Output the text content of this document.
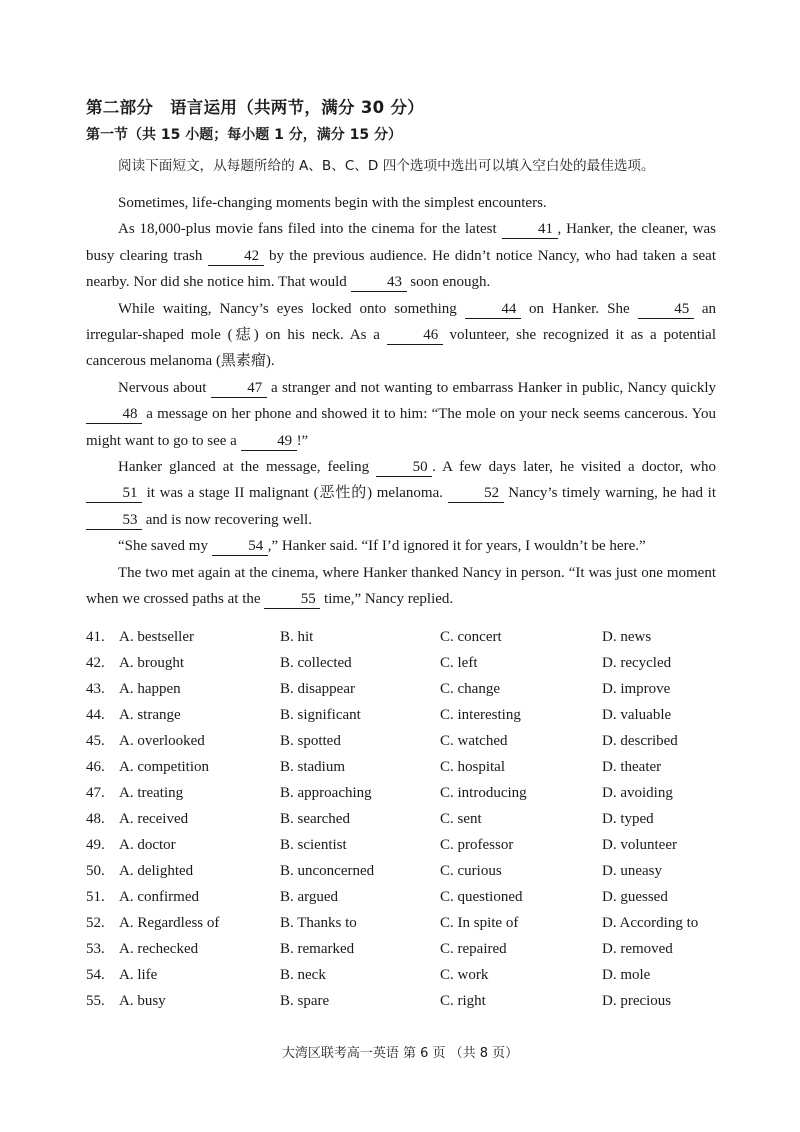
第二部分　语言运用（共两节，满分 30 分）
第一节（共 15 小题；每小题 1 分，满分 15 分）
阅读下面短文，从每题所给的 A、B、C、D 四个选项中选出可以填入空白处的最佳选项。

Sometimes, life-changing moments begin with the simplest encounters.

As 18,000-plus movie fans filed into the cinema for the latest 41 , Hanker, the cleaner, was busy clearing trash 42 by the previous audience. He didn’t notice Nancy, who had taken a seat nearby. Nor did she notice him. That would 43 soon enough.

While waiting, Nancy’s eyes locked onto something 44 on Hanker. She 45 an irregular-shaped mole (痣) on his neck. As a 46 volunteer, she recognized it as a potential cancerous melanoma (黑素瘤).

Nervous about 47 a stranger and not wanting to embarrass Hanker in public, Nancy quickly 48 a message on her phone and showed it to him: “The mole on your neck seems cancerous. You might want to go to see a 49 !”

Hanker glanced at the message, feeling 50 . A few days later, he visited a doctor, who 51 it was a stage II malignant (恶性的) melanoma. 52 Nancy’s timely warning, he had it 53 and is now recovering well.

“She saved my 54 ,” Hanker said. “If I’d ignored it for years, I wouldn’t be here.”

The two met again at the cinema, where Hanker thanked Nancy in person. “It was just one moment when we crossed paths at the 55 time,” Nancy replied.

41. A. bestseller	B. hit	C. concert	D. news
42. A. brought	B. collected	C. left	D. recycled
43. A. happen	B. disappear	C. change	D. improve
44. A. strange	B. significant	C. interesting	D. valuable
45. A. overlooked	B. spotted	C. watched	D. described
46. A. competition	B. stadium	C. hospital	D. theater
47. A. treating	B. approaching	C. introducing	D. avoiding
48. A. received	B. searched	C. sent	D. typed
49. A. doctor	B. scientist	C. professor	D. volunteer
50. A. delighted	B. unconcerned	C. curious	D. uneasy
51. A. confirmed	B. argued	C. questioned	D. guessed
52. A. Regardless of	B. Thanks to	C. In spite of	D. According to
53. A. rechecked	B. remarked	C. repaired	D. removed
54. A. life	B. neck	C. work	D. mole
55. A. busy	B. spare	C. right	D. precious
大湾区联考高一英语 第 6 页 （共 8 页）
